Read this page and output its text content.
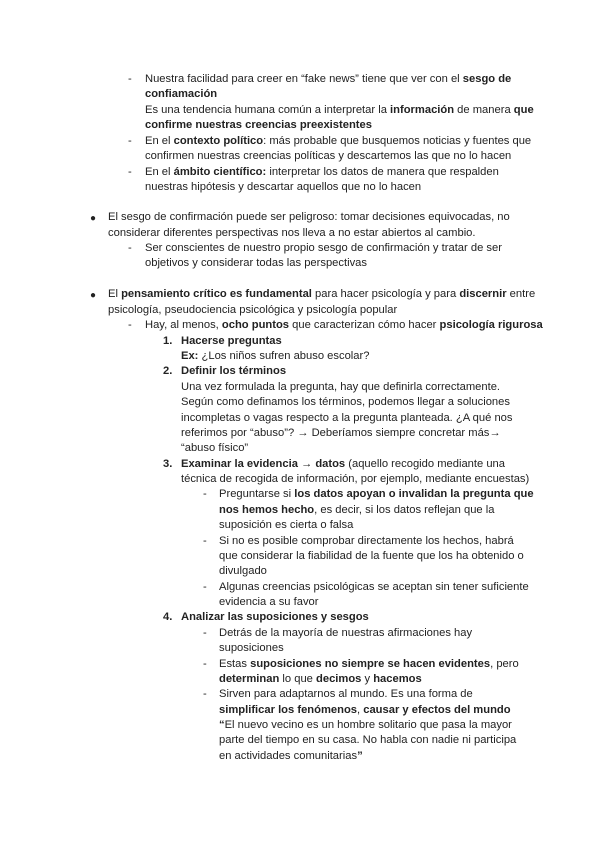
- Nuestra facilidad para creer en “fake news” tiene que ver con el sesgo de
confiamación
Es una tendencia humana común a interpretar la información de manera que
confirme nuestras creencias preexistentes
- En el contexto político: más probable que busquemos noticias y fuentes que
confirmen nuestras creencias políticas y descartemos las que no lo hacen
- En el ámbito científico: interpretar los datos de manera que respalden
nuestras hipótesis y descartar aquellos que no lo hacen
● El sesgo de confirmación puede ser peligroso: tomar decisiones equivocadas, no
considerar diferentes perspectivas nos lleva a no estar abiertos al cambio.
- Ser conscientes de nuestro propio sesgo de confirmación y tratar de ser
objetivos y considerar todas las perspectivas
● El pensamiento crítico es fundamental para hacer psicología y para discernir entre
psicología, pseudociencia psicológica y psicología popular
- Hay, al menos, ocho puntos que caracterizan cómo hacer psicología rigurosa
1. Hacerse preguntas
Ex: ¿Los niños sufren abuso escolar?
2. Definir los términos
Una vez formulada la pregunta, hay que definirla correctamente.
Según como definamos los términos, podemos llegar a soluciones
incompletas o vagas respecto a la pregunta planteada. ¿A qué nos
referimos por “abuso”? → Deberíamos siempre concretar más→
“abuso físico”
3. Examinar la evidencia → datos (aquello recogido mediante una
técnica de recogida de información, por ejemplo, mediante encuestas)
- Preguntarse si los datos apoyan o invalidan la pregunta que
nos hemos hecho, es decir, si los datos reflejan que la
suposición es cierta o falsa
- Si no es posible comprobar directamente los hechos, habrá
que considerar la fiabilidad de la fuente que los ha obtenido o
divulgado
- Algunas creencias psicológicas se aceptan sin tener suficiente
evidencia a su favor
4. Analizar las suposiciones y sesgos
- Detrás de la mayoría de nuestras afirmaciones hay
suposiciones
- Estas suposiciones no siempre se hacen evidentes, pero
determinan lo que decimos y hacemos
- Sirven para adaptarnos al mundo. Es una forma de
simplificar los fenómenos, causar y efectos del mundo
“El nuevo vecino es un hombre solitario que pasa la mayor
parte del tiempo en su casa. No habla con nadie ni participa
en actividades comunitarias”
